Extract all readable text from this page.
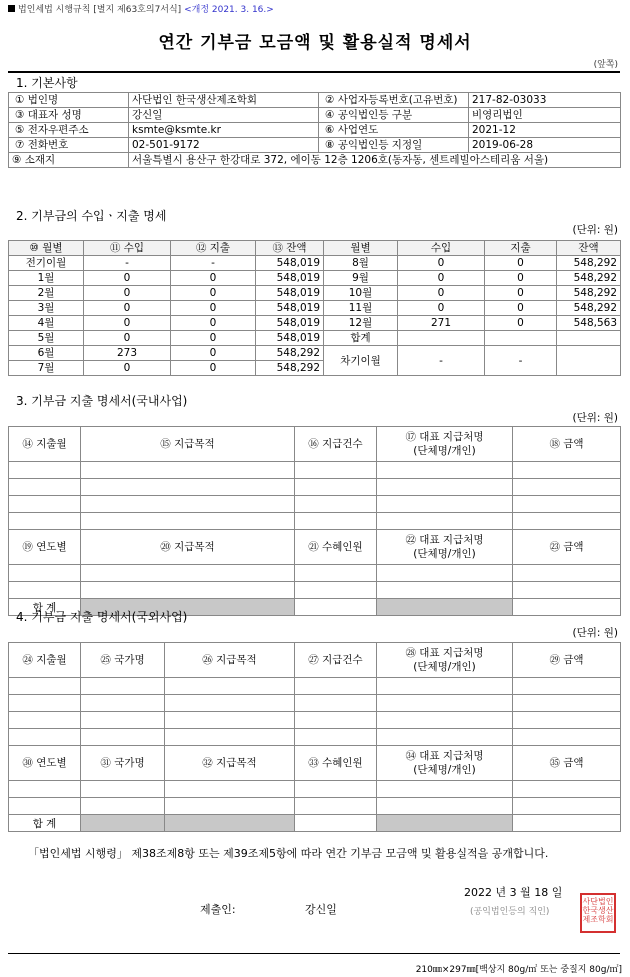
법인세법 시행규칙 [별지 제63호의7서식] <개정 2021. 3. 16.>
연간 기부금 모금액 및 활용실적 명세서
(앞쪽)
1. 기본사항
① 법인명	사단법인 한국생산제조학회	② 사업자등록번호(고유번호)	217-82-03033
③ 대표자 성명	강신일	④ 공익법인등 구분	비영리법인
⑤ 전자우편주소	ksmte@ksmte.kr	⑥ 사업연도	2021-12
⑦ 전화번호	02-501-9172	⑧ 공익법인등 지정일	2019-06-28
⑨ 소재지	서울특별시 용산구 한강대로 372, 에이동 12층 1206호(동자동, 센트레빌아스테리움 서울)		
2. 기부금의 수입ㆍ지출 명세
(단위: 원)
⑩ 월별	⑪ 수입	⑫ 지출	⑬ 잔액	월별	수입	지출	잔액
전기이월	-	-	548,019	8월	0	0	548,292
1월	0	0	548,019	9월	0	0	548,292
2월	0	0	548,019	10월	0	0	548,292
3월	0	0	548,019	11월	0	0	548,292
4월	0	0	548,019	12월	271	0	548,563
5월	0	0	548,019	합계			
6월	273	0	548,292	차기이월	-	-	
7월	0	0	548,292				
3. 기부금 지출 명세서(국내사업)
(단위: 원)
⑭ 지출월	⑮ 지급목적	⑯ 지급건수	⑰ 대표 지급처명
(단체명/개인)	⑱ 금액

⑲ 연도별	⑳ 지급목적	㉑ 수혜인원	㉒ 대표 지급처명
(단체명/개인)	㉓ 금액

합 계				
4. 기부금 지출 명세서(국외사업)
(단위: 원)
㉔ 지출월	㉕ 국가명	㉖ 지급목적	㉗ 지급건수	㉘ 대표 지급처명
(단체명/개인)	㉙ 금액

㉚ 연도별	㉛ 국가명	㉜ 지급목적	㉝ 수혜인원	㉞ 대표 지급처명
(단체명/개인)	㉟ 금액

합 계					
「법인세법 시행령」 제38조제8항 또는 제39조제5항에 따라 연간 기부금 모금액 및 활용실적을 공개합니다.
2022 년 3 월 18 일
제출인:	강신일	(공익법인등의 직인)
사단법인한국생산제조학회
210㎜×297㎜[백상지 80g/㎡ 또는 중질지 80g/㎡]
